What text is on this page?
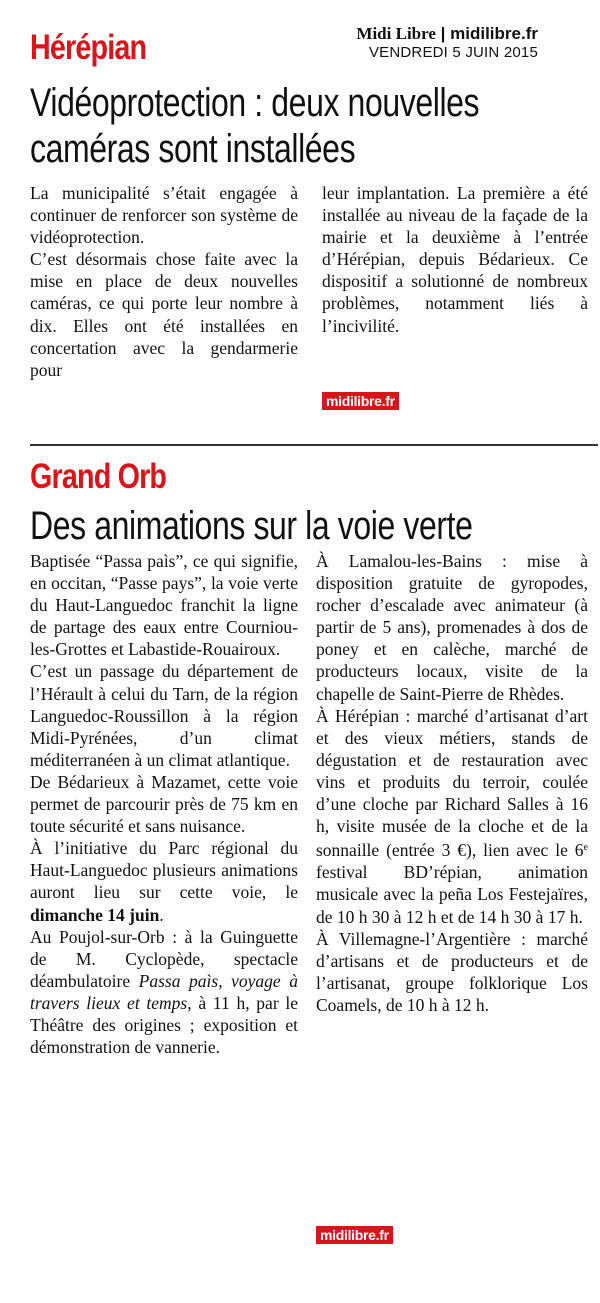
Hérépian	Midi Libre | midilibre.fr
VENDREDI 5 JUIN 2015
Vidéoprotection : deux nouvelles
caméras sont installées

La municipalité s’était engagée à continuer de renforcer son système de vidéoprotection.

C’est désormais chose faite avec la mise en place de deux nouvelles caméras, ce qui porte leur nombre à dix. Elles ont été installées en concertation avec la gendarmerie pour

leur implantation. La première a été installée au niveau de la façade de la mairie et la deuxième à l’entrée d’Hérépian, depuis Bédarieux. Ce dispositif a solutionné de nombreux problèmes, notamment liés à l’incivilité.

midilibre.fr
Grand Orb
Des animations sur la voie verte

Baptisée “Passa paìs”, ce qui signifie, en occitan, “Passe pays”, la voie verte du Haut-Languedoc franchit la ligne de partage des eaux entre Courniou-les-Grottes et Labastide-Rouairoux.

C’est un passage du département de l’Hérault à celui du Tarn, de la région Languedoc-Roussillon à la région Midi-Pyrénées, d’un climat méditerranéen à un climat atlantique.

De Bédarieux à Mazamet, cette voie permet de parcourir près de 75 km en toute sécurité et sans nuisance.

À l’initiative du Parc régional du Haut-Languedoc plusieurs animations auront lieu sur cette voie, le dimanche 14 juin.

Au Poujol-sur-Orb : à la Guinguette de M. Cyclopède, spectacle déambulatoire Passa paìs, voyage à travers lieux et temps, à 11 h, par le Théâtre des origines ; exposition et démonstration de vannerie.

À Lamalou-les-Bains : mise à disposition gratuite de gyropodes, rocher d’escalade avec animateur (à partir de 5 ans), promenades à dos de poney et en calèche, marché de producteurs locaux, visite de la chapelle de Saint-Pierre de Rhèdes.

À Hérépian : marché d’artisanat d’art et des vieux métiers, stands de dégustation et de restauration avec vins et produits du terroir, coulée d’une cloche par Richard Salles à 16 h, visite musée de la cloche et de la sonnaille (entrée 3 €), lien avec le 6e festival BD’répian, animation musicale avec la peña Los Festejaïres, de 10 h 30 à 12 h et de 14 h 30 à 17 h.

À Villemagne-l’Argentière : marché d’artisans et de producteurs et de l’artisanat, groupe folklorique Los Coamels, de 10 h à 12 h.

midilibre.fr
